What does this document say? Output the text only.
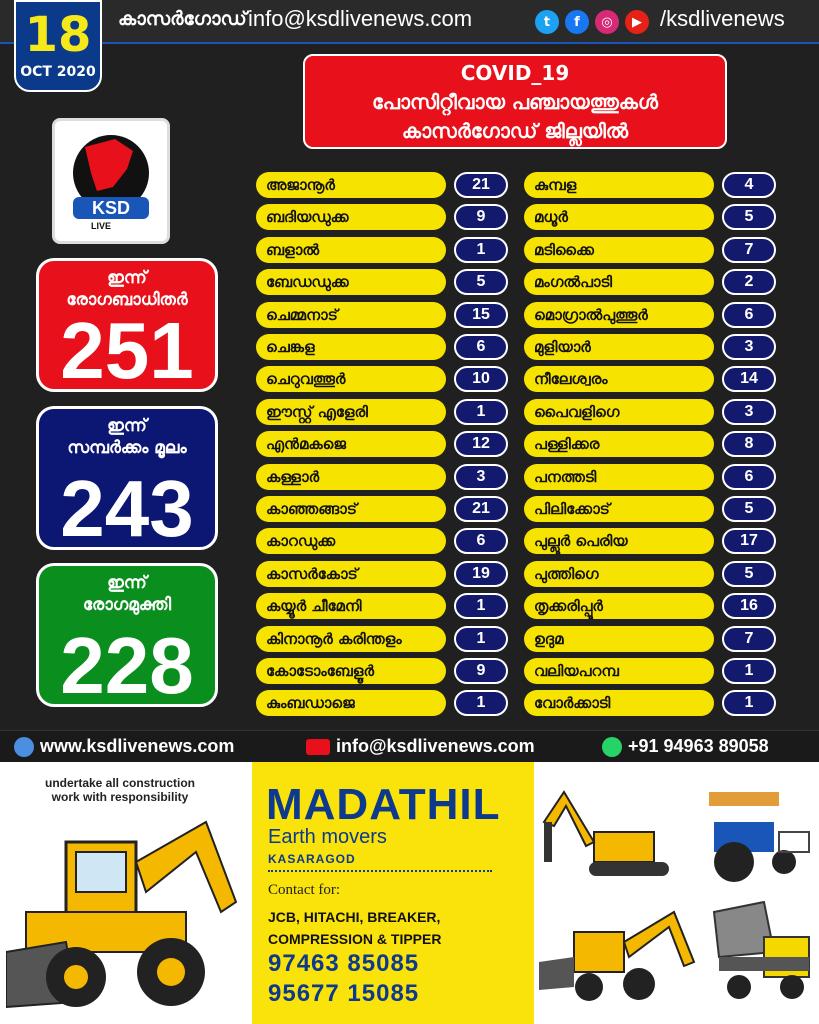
കാസർഗോഡ് info@ksdlivenews.com	t	f	◎	▶ /ksdlivenews
18
OCT 2020	COVID_19
പോസിറ്റീവായ പഞ്ചായത്തുകൾ
കാസർഗോഡ് ജില്ലയിൽ
KSD
LIVE
ഇന്ന്
രോഗബാധിതർ
251
ഇന്ന്
സമ്പർക്കം മൂലം
243
ഇന്ന്
രോഗമുക്തി
228
അജാനൂർ	21
ബദിയഡുക്ക	9
ബളാൽ	1
ബേഡഡുക്ക	5
ചെമ്മനാട്	15
ചെങ്കള	6
ചെറുവത്തൂർ	10
ഈസ്റ്റ് എളേരി	1
എൻമകജെ	12
കള്ളാർ	3
കാഞ്ഞങ്ങാട്	21
കാറഡുക്ക	6
കാസർകോട്	19
കയ്യൂർ ചീമേനി	1
കിനാനൂർ കരിന്തളം	1
കോടോംബേളൂർ	9
കുംബഡാജെ	1
കുമ്പള	4
മധൂർ	5
മടിക്കൈ	7
മംഗൽപാടി	2
മൊഗ്രാൽപുത്തൂർ	6
മുളിയാർ	3
നീലേശ്വരം	14
പൈവളിഗെ	3
പള്ളിക്കര	8
പനത്തടി	6
പിലിക്കോട്	5
പുല്ലൂർ പെരിയ	17
പുത്തിഗെ	5
തൃക്കരിപ്പൂർ	16
ഉദുമ	7
വലിയപറമ്പ	1
വോർക്കാടി	1
www.ksdlivenews.com	info@ksdlivenews.com	+91 94963 89058
undertake all construction
work with responsibility	MADATHIL
Earth movers
KASARAGOD
Contact for:
JCB, HITACHI, BREAKER,
COMPRESSION & TIPPER
97463 85085
95677 15085
